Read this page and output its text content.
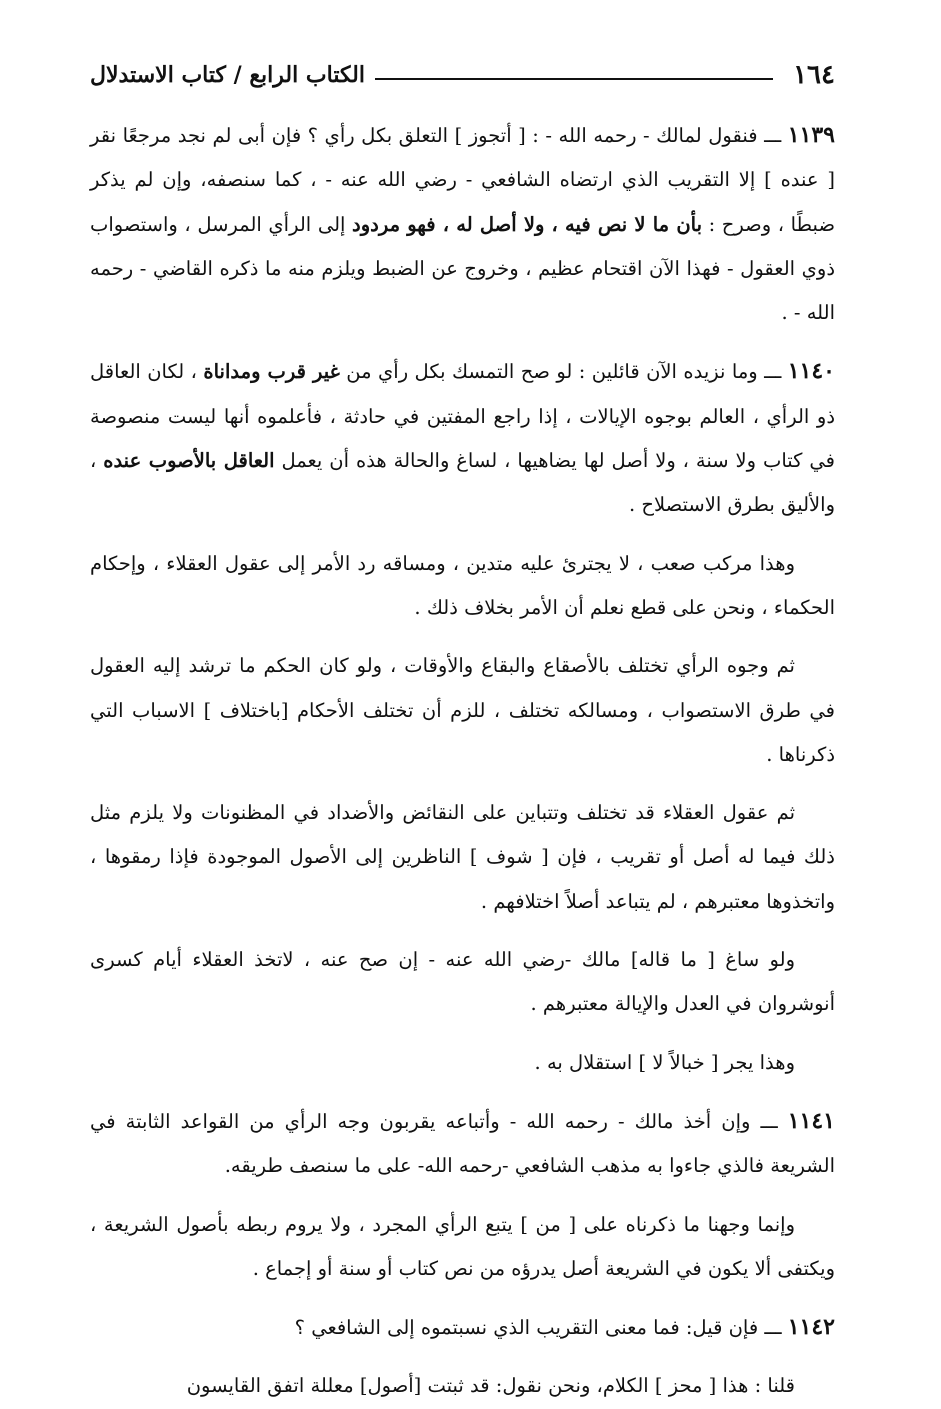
١٦٤
الكتاب الرابع / كتاب الاستدلال

١١٣٩ ـــ فنقول لمالك - رحمه الله - : [ أتجوز ] التعلق بكل رأي ؟ فإن أبى لم نجد مرجعًا نقر [ عنده ] إلا التقريب الذي ارتضاه الشافعي - رضي الله عنه - ، كما سنصفه، وإن لم يذكر ضبطًا ، وصرح : بأن ما لا نص فيه ، ولا أصل له ، فهو مردود إلى الرأي المرسل ، واستصواب ذوي العقول - فهذا الآن اقتحام عظيم ، وخروج عن الضبط ويلزم منه ما ذكره القاضي - رحمه الله - .

١١٤٠ ـــ وما نزيده الآن قائلين : لو صح التمسك بكل رأي من غير قرب ومداناة ، لكان العاقل ذو الرأي ، العالم بوجوه الإيالات ، إذا راجع المفتين في حادثة ، فأعلموه أنها ليست منصوصة في كتاب ولا سنة ، ولا أصل لها يضاهيها ، لساغ والحالة هذه أن يعمل العاقل بالأصوب عنده ، والأليق بطرق الاستصلاح .

وهذا مركب صعب ، لا يجترئ عليه متدين ، ومساقه رد الأمر إلى عقول العقلاء ، وإحكام الحكماء ، ونحن على قطع نعلم أن الأمر بخلاف ذلك .

ثم وجوه الرأي تختلف بالأصقاع والبقاع والأوقات ، ولو كان الحكم ما ترشد إليه العقول في طرق الاستصواب ، ومسالكه تختلف ، للزم أن تختلف الأحكام [باختلاف ] الاسباب التي ذكرناها .

ثم عقول العقلاء قد تختلف وتتباين على النقائض والأضداد في المظنونات ولا يلزم مثل ذلك فيما له أصل أو تقريب ، فإن [ شوف ] الناظرين إلى الأصول الموجودة فإذا رمقوها ، واتخذوها معتبرهم ، لم يتباعد أصلاً اختلافهم .

ولو ساغ [ ما قاله] مالك -رضي الله عنه - إن صح عنه ، لاتخذ العقلاء أيام كسرى أنوشروان في العدل والإيالة معتبرهم .

وهذا يجر [ خبالاً لا ] استقلال به .

١١٤١ ـــ وإن أخذ مالك - رحمه الله - وأتباعه يقربون وجه الرأي من القواعد الثابتة في الشريعة فالذي جاءوا به مذهب الشافعي -رحمه الله- على ما سنصف طريقه.

وإنما وجهنا ما ذكرناه على [ من ] يتبع الرأي المجرد ، ولا يروم ربطه بأصول الشريعة ، ويكتفى ألا يكون في الشريعة أصل يدرؤه من نص كتاب أو سنة أو إجماع .

١١٤٢ ـــ فإن قيل: فما معنى التقريب الذي نسبتموه إلى الشافعي ؟

قلنا : هذا [ محز ] الكلام، ونحن نقول: قد ثبتت [أصول] معللة اتفق القايسون
